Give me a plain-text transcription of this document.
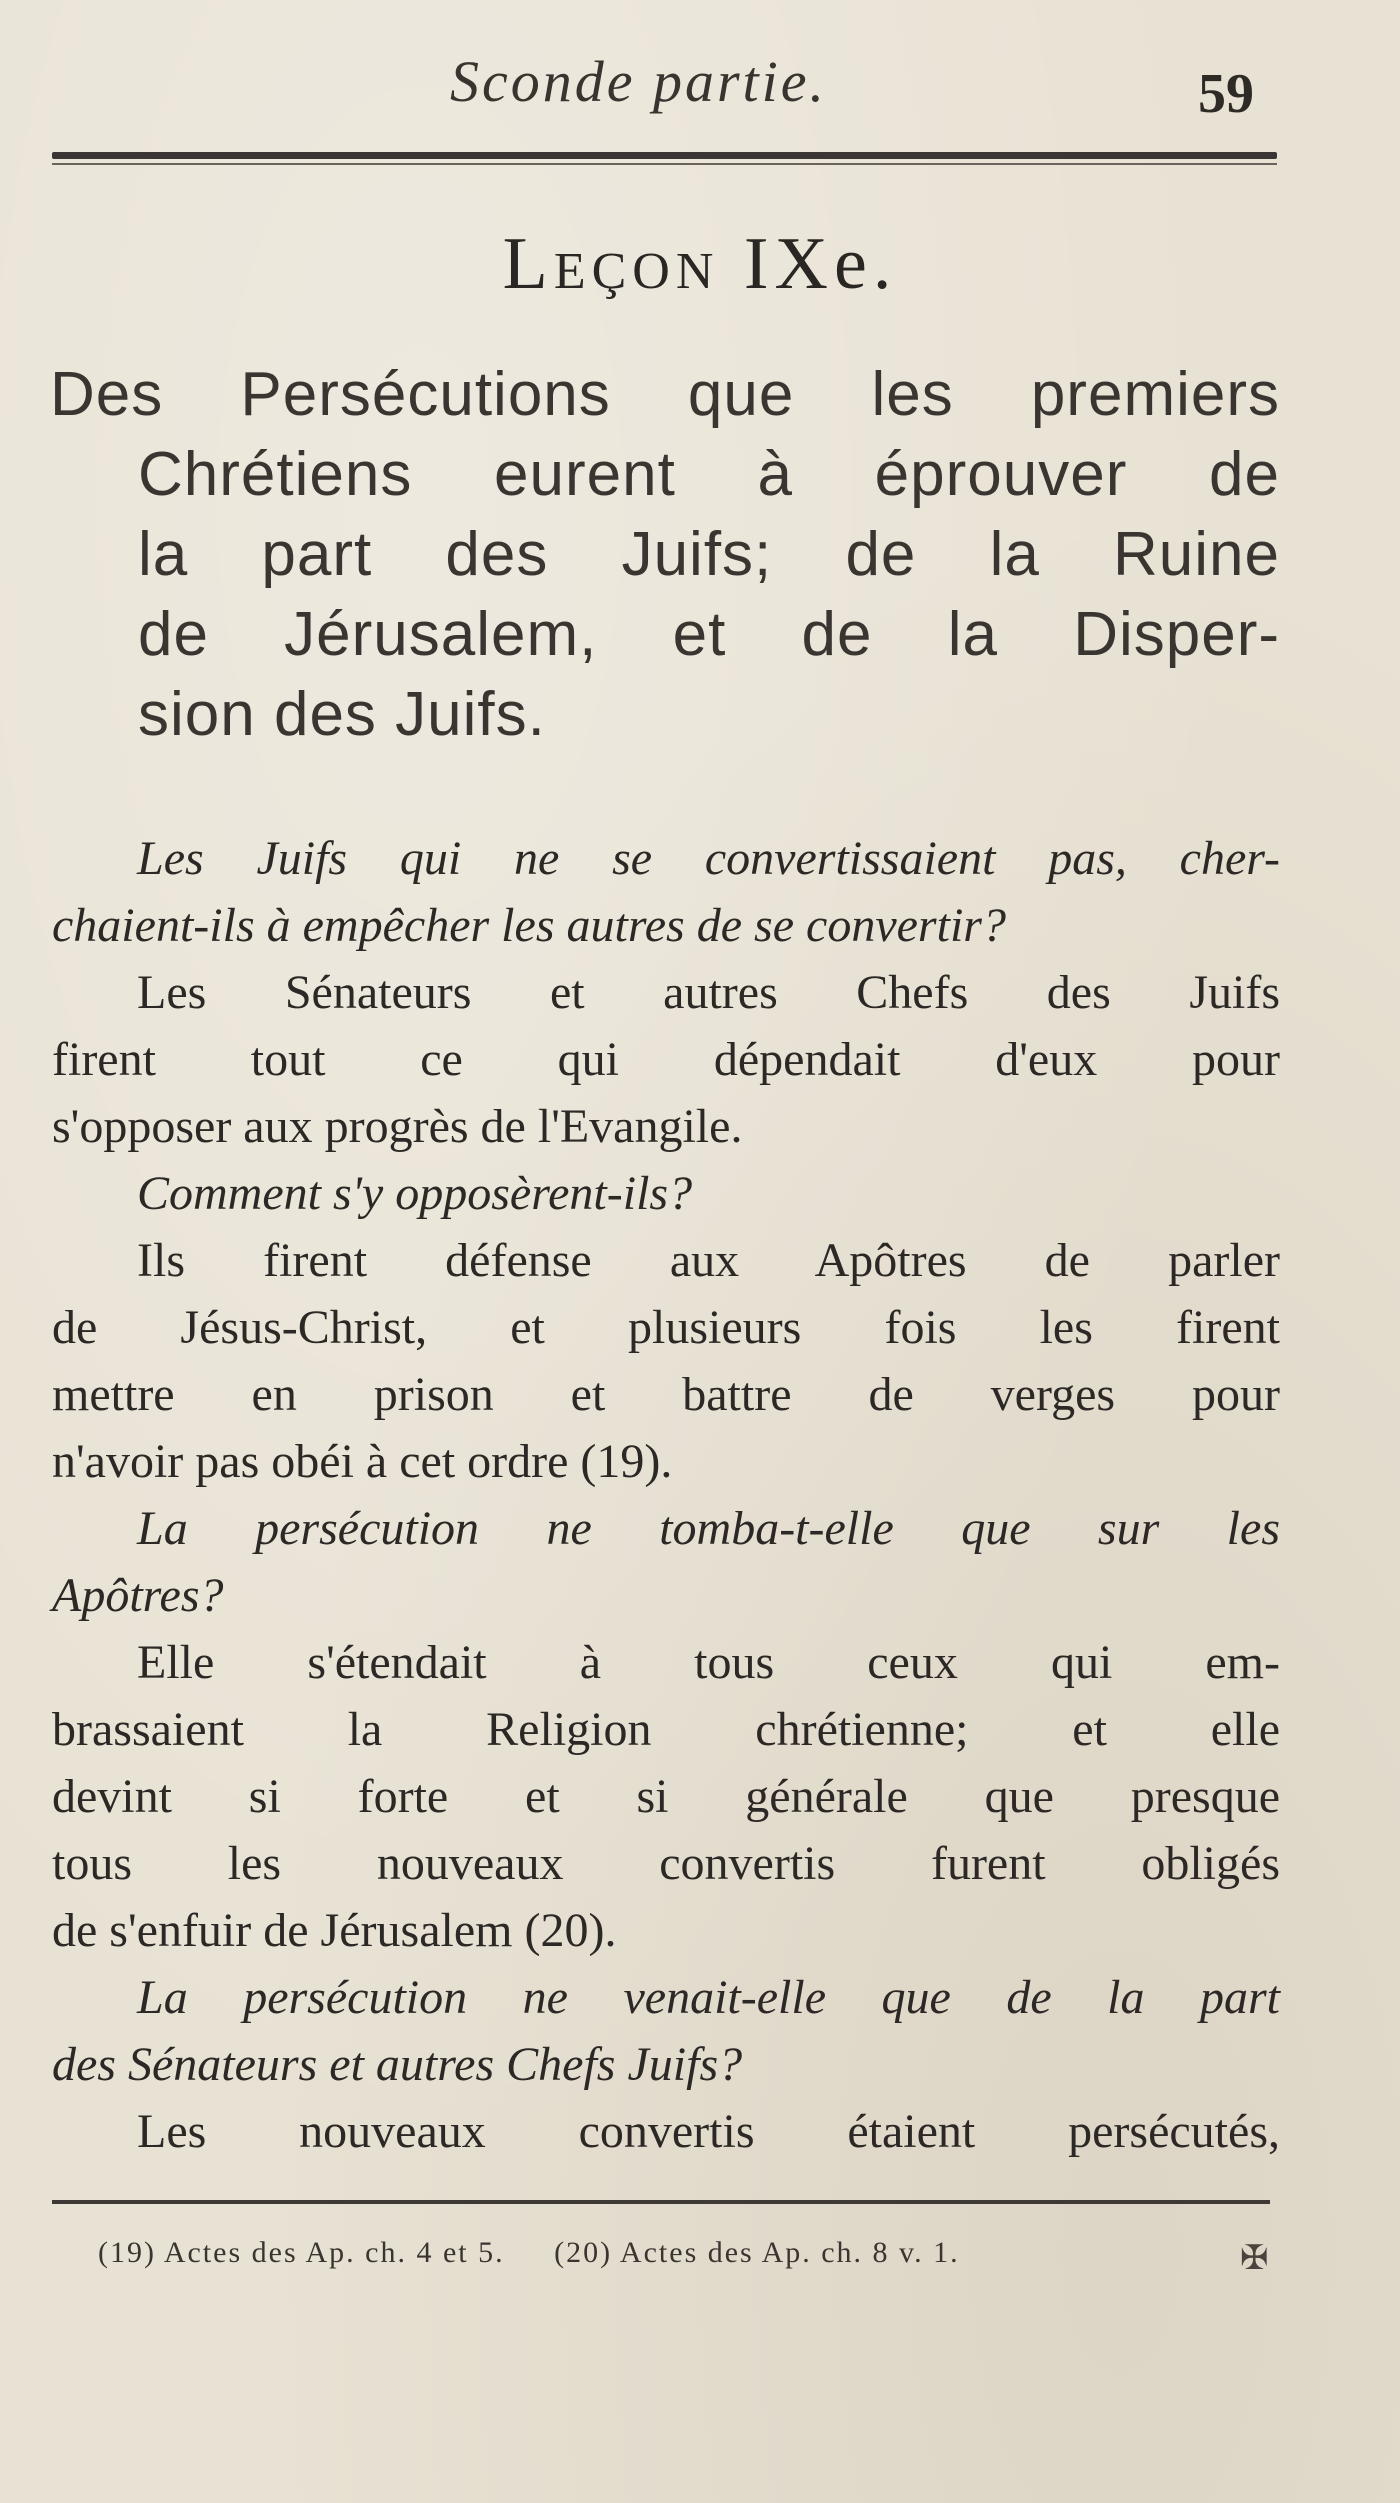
Sconde partie.	59
Leçon IXe.
Des Persécutions que les premiers
Chrétiens eurent à éprouver de
la part des Juifs; de la Ruine
de Jérusalem, et de la Disper-
sion des Juifs.
Les Juifs qui ne se convertissaient pas, cher-
chaient-ils à empêcher les autres de se convertir?
Les Sénateurs et autres Chefs des Juifs
firent tout ce qui dépendait d'eux pour
s'opposer aux progrès de l'Evangile.
Comment s'y opposèrent-ils?
Ils firent défense aux Apôtres de parler
de Jésus-Christ, et plusieurs fois les firent
mettre en prison et battre de verges pour
n'avoir pas obéi à cet ordre (19).
La persécution ne tomba-t-elle que sur les
Apôtres?
Elle s'étendait à tous ceux qui em-
brassaient la Religion chrétienne; et elle
devint si forte et si générale que presque
tous les nouveaux convertis furent obligés
de s'enfuir de Jérusalem (20).
La persécution ne venait-elle que de la part
des Sénateurs et autres Chefs Juifs?
Les nouveaux convertis étaient persécutés,
(19) Actes des Ap. ch. 4 et 5. (20) Actes des Ap. ch. 8 v. 1.	✠
